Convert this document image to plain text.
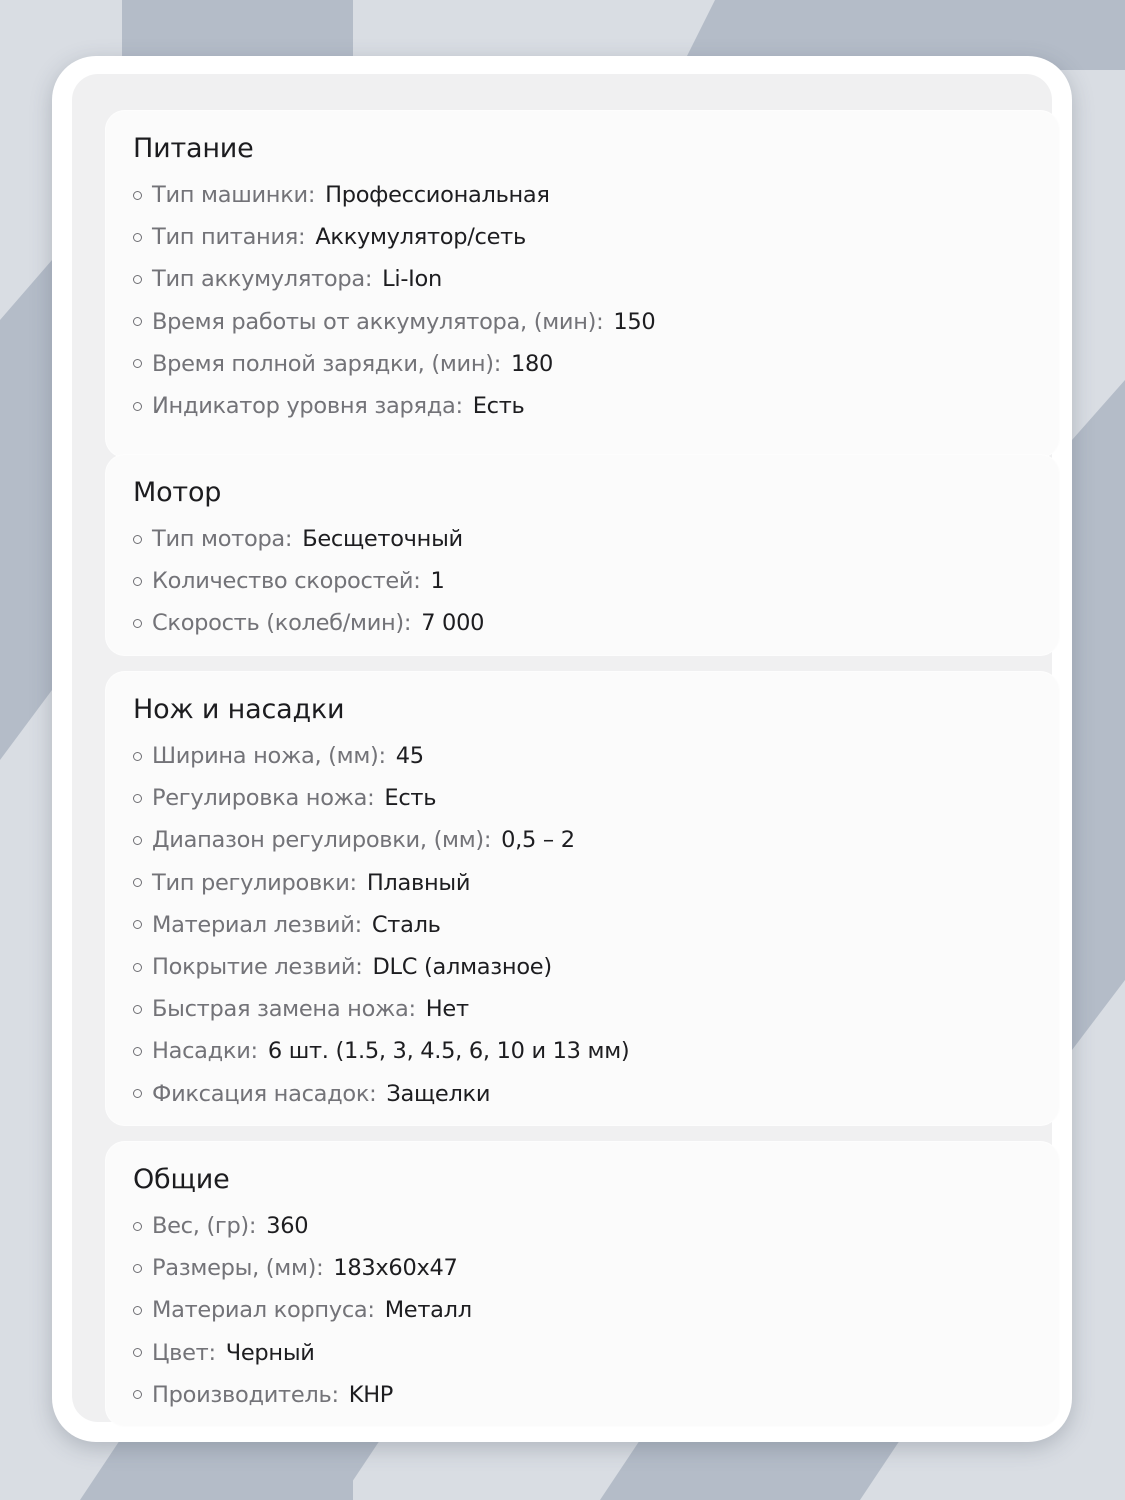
Питание
Тип машинки : Профессиональная
Тип питания : Аккумулятор/сеть
Тип аккумулятора : Li-Ion
Время работы от аккумулятора, (мин) : 150
Время полной зарядки, (мин) : 180
Индикатор уровня заряда : Есть
Мотор
Тип мотора : Бесщеточный
Количество скоростей : 1
Скорость (колеб/мин) : 7 000
Нож и насадки
Ширина ножа, (мм) : 45
Регулировка ножа : Есть
Диапазон регулировки, (мм) : 0,5 – 2
Тип регулировки : Плавный
Материал лезвий : Сталь
Покрытие лезвий : DLC (алмазное)
Быстрая замена ножа : Нет
Насадки : 6 шт. (1.5, 3, 4.5, 6, 10 и 13 мм)
Фиксация насадок : Защелки
Общие
Вес, (гр) : 360
Размеры, (мм) : 183x60x47
Материал корпуса : Металл
Цвет : Черный
Производитель : KHP
